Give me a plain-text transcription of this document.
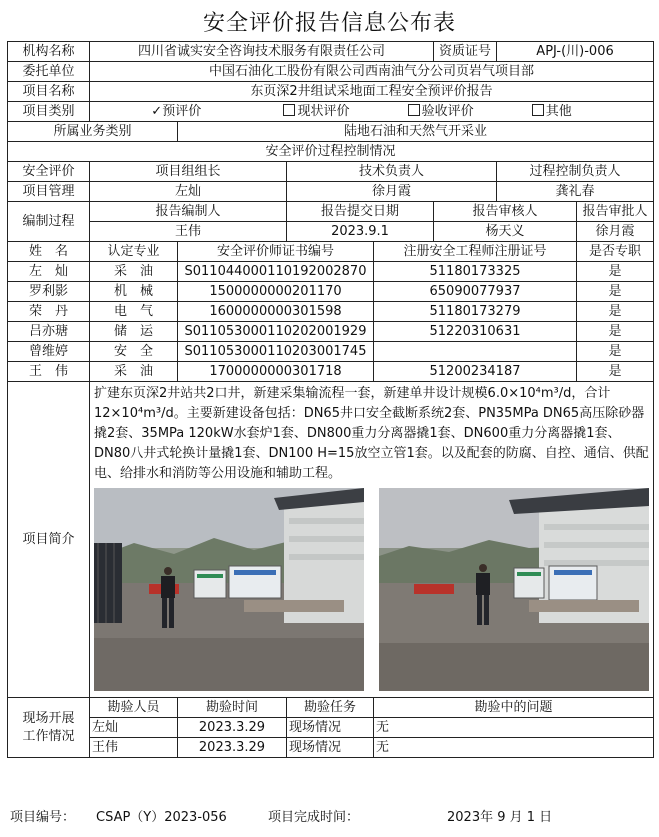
安全评价报告信息公布表
机构名称	四川省诚实安全咨询技术服务有限责任公司				资质证号	APJ-(川)-006	
委托单位	中国石油化工股份有限公司西南油气分公司页岩气项目部						
项目名称	东页深2井组试采地面工程安全预评价报告						
项目类别	✓预评价 现状评价 验收评价 其他						
所属业务类别		陆地石油和天然气开采业					
安全评价过程控制情况							
安全评价	项目组组长		技术负责人			过程控制负责人	
项目管理	左灿		徐月霞			龚礼春	
编制过程	报告编制人		报告提交日期		报告审核人		报告审批人
	王伟		2023.9.1		杨天义		徐月霞
姓　名	认定专业	安全评价师证书编号		注册安全工程师注册证号			是否专职
左　灿	采　油	S011044000110192002870		51180173325			是
罗利影	机　械	1500000000201170		65090077937			是
荣　丹	电　气	1600000000301598		51180173279			是
吕亦瑭	储　运	S011053000110202001929		51220310631			是
曾维婷	安　全	S011053000110203001745					是
王　伟	采　油	1700000000301718		51200234187			是
项目简介	扩建东页深2井站共2口井，新建采集输流程一套，新建单井设计规模6.0×10⁴m³/d，合计12×10⁴m³/d。主要新建设备包括：DN65井口安全截断系统2套、PN35MPa DN65高压除砂器撬2套、35MPa 120kW水套炉1套、DN800重力分离器撬1套、DN600重力分离器撬1套、DN80八井式轮换计量撬1套、DN100 H=15放空立管1套。以及配套的防腐、自控、通信、供配电、给排水和消防等公用设施和辅助工程。						

现场开展
工作情况	勘验人员	勘验时间	勘验任务	勘验中的问题			
	左灿	2023.3.29	现场情况	无			
	王伟	2023.3.29	现场情况	无			
项目编号： CSAP（Y）2023-056	项目完成时间：	2023年 9 月 1 日
